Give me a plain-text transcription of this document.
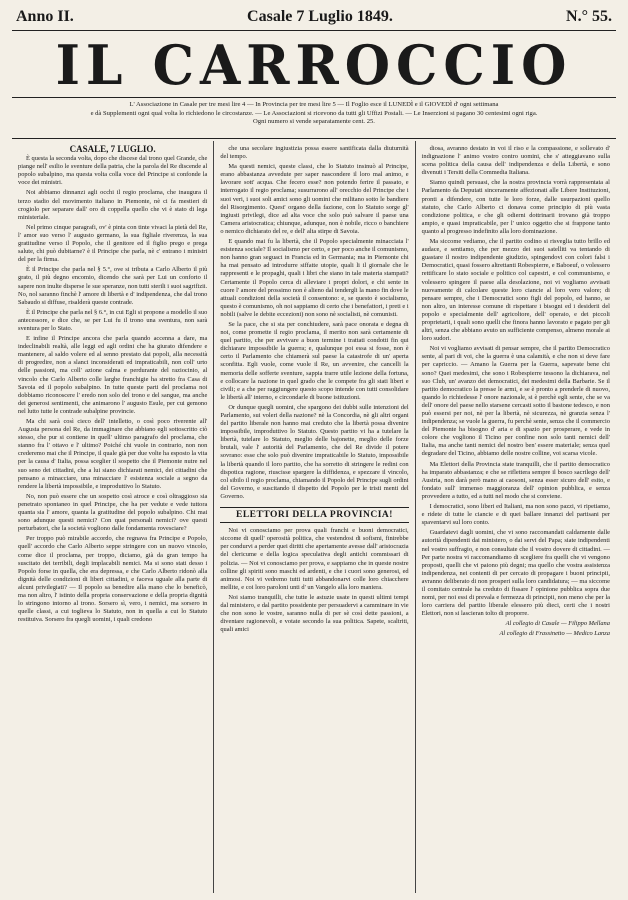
Anno II.	Casale 7 Luglio 1849.	N.° 55.
IL CARROCCIO
L' Associazione in Casale per tre mesi lire 4 — In Provincia per tre mesi lire 5 — Il Foglio esce il LUNEDÌ e il GIOVEDÌ d' ogni settimana
e dà Supplementi ogni qual volta lo richiedono le circostanze. — Le Associazioni si ricevono da tutti gli Uffizi Postali. — Le Inserzioni si pagano 30 centesimi ogni riga.
Ogni numero si vende separatamente cent. 25.

CASALE, 7 LUGLIO.

È questa la seconda volta, dopo che discese dal trono quel Grande, che piange nell' esilio le sventure della patria, che la parola del Re discende al popolo subalpino, ma questa volta colla voce del Principe si confonde la voce dei ministri.

Noi abbiamo dinnanzi agli occhi il regio proclama, che inaugura il terzo stadio del movimento italiano in Piemonte, nè ci fa mestieri di crogiolo per separare dall' oro di coppella quello che vi è stato di lega ministeriale.

Nel primo cinque paragrafi, ov' è pinta con tinte vivaci la pietà del Re, l' amor suo verso l' augusto germano, la sua figliale riverenza, la sua gratitudine verso il Popolo, che il genitore ed il figlio prego e prega salute, chi può dubitarne? è il Principe che parla, nè c' entrano i ministri del per la firma.

È il Principe che parla nel § 5.°, ove si tributa a Carlo Alberto il più grato, il più degno encomio, dicendo che sarà per Lui un conforto il sapere non inulte disperse le sue speranze, non tutti sterili i suoi sagrifizii. No, nol saranno finchè l' amore di libertà e d' indipendenza, che dal trono Sabaudo si diffuse, risalderà queste contrade.

È il Principe che parla nel § 6.°, in cui Egli si propone a modello il suo antecessore, e dice che, se per Lui fu il trono una sventura, non sarà sventura per lo Stato.

E infine il Principe ancora che parla quando accenna a dare, ma indeclinabili realtà, alle leggi ed agli ordini che ha giurato difendere e mantenere, al saldo volere ed al senno prestato dai popoli, alla necessità di progredire, non a slanci inconsiderati ed impraticabili, non coll' urto delle passioni, ma coll' azione calma e perdurante del raziocinio, al vincolo che Carlo Alberto colle larghe franchigie ha stretto fra Casa di Savoia ed il popolo subalpino. In tutte queste parti del proclama noi dobbiamo riconoscere l' eredo non solo del trono e del sangue, ma anche dei generosi sentimenti, che animarono l' augusto Esule, per cui gemono nel lutto tutte le contrade subalpine provincie.

Ma chi sarà così cieco dell' intelletto, o così poco riverente all' Augusta persona del Re, da immaginare che abbiano egli sottoscritto ciò stesso, che pur si contiene in quell' ultimo paragrafo del proclama, che stanno fra l' ottavo e l' ultimo? Poiché chi vuole in contrario, non non crederemo mai che il Principe, il quale già per due volte ha esposto la vita per la causa d' Italia, possa sceglier il sospetto che il Piemonte nutre nel suo seno dei cittadini, che a lui siano dichiarati nemici, dei cittadini che pensano a minacciare, una minacciare l' esistenza sociale a segno da rendere la libertà impossibile, e improduttivo lo Statuto.

No, non può essere che un sospetto così atroce e così oltraggioso sia penetrato spontaneo in quel Principe, che ha per vedute e vede tuttora quanta sia l' amore, quanta la gratitudine del popolo subalpino. Chi mai sono adunque questi nemici? Con quai personali nemici? ove questi perturbatori, che la società vogliono dalle fondamenta rovesciare?

Per troppo può mirabile accordo, che regnava fra Principe e Popolo, quell' accordo che Carlo Alberto seppe stringere con un nuovo vincolo, come dice il proclama, per troppo, diciamo, già da gran tempo ha suscitato dei terribili, degli implacabili nemici. Ma si sono stati desso i Popolo forse in quella, che era depressa, e che Carlo Alberto ridonò alla dignità delle condizioni di liberi cittadini, e faceva uguale alla parte di alcuni privilegiati? — Il popolo sa benedire alla mano che lo beneficò, ma non altro, l' istinto della propria conservazione e della propria dignità lo stringono intorno al trono. Sorsero sì, vero, i nemici, ma sorsero in quelle classi, a cui toglieva lo Statuto, non in quella a cui lo Statuto restituiva. Sorsero fra quegli uomini, i quali credono

che una secolare ingiustizia possa essere santificata dalla diuturnità del tempo.

Ma questi nemici, queste classi, che lo Statuto insinuò al Principe, erano abbastanza avvedute per saper nascondere il loro mal animo, e lavorare sott' acqua. Che fecero esse? non potendo ferire il passato, e interrogato il regio proclama; susurrarono all' orecchio del Principe che i suoi veri, i suoi soli amici sono gli uomini che militano sotto le bandiere del Risorgimento. Quest' organo della fazione, con lo Statuto sorge gl' ingiusti privilegi, dice ad alta voce che solo può salvare il paese una Camera aristocratica; chiunque, adunque, non è nobile, ricco o banchiere o nemico dichiarato del re, e dell' alta stirpe di Savoia.

E quando mai fu la libertà, che il Popolo specialmente minacciata l' esistenza sociale? Il socialismo per certo, e per poco anche il comunismo, non hanno gran seguaci in Francia ed in Germania; ma in Piemonte chi ha mai pensato ad introdurre siffatte utopie, quali li il giornale che le rappresenti e le propaghi, quali i libri che siano in tale materia stampati? Certamente il Popolo cerca di alleviare i propri dolori, e chi sente in cuore l' amore del prossimo non è alieno dal tendergli la mano fin dove le attuali condizioni della società il consentono: e, se questo è socialismo, questo è comunismo, oh noi sappiamo di certo che i benefattori, i preti e i nobili (salve le debite eccezioni) non sono nè socialisti, nè comunisti.

Se la pace, che si sta per conchiudere, sarà pace onorata e degna di noi, come promette il regio proclama, il merito non sarà certamente di quel partito, che per avvivare a buon termine i trattati condotti fin qui dichiarare impossibile la guerra; e, qualunque poi essa si fosse, non è certo il Parlamento che chiamerà sul paese la catastrofe di un' aperta sconfitta. Egli vuole, come vuole il Re, un avvenire, che cancelli la memoria delle sofferte sventure, sappia trarre utile lezione della fortuna, e collocare la nazione in quel grado che le compete fra gli stati liberi e civili; e a che per raggiungere questo scopo intende con tutti consolidare le libertà all' interno, e circondarle di buone istituzioni.

Or dunque quegli uomini, che spargono dei dubbi sulle intenzioni del Parlamento, sui voleri della nazione? nè la Concordia, nè gli altri organi del partito liberale non hanno mai creduto che la libertà possa divenire impossibile, improduttivo lo Statuto. Questo partito vi ha a tutelare la libertà, tutelare lo Statuto, meglio delle bajonette, meglio delle forze brutali, vale l' autorità del Parlamento, che del Re divide il potere sovrano: esse che solo può divenire impraticabile lo Statuto, impossibile la libertà quando il loro partito, che ha sorretto di stringere le redini con dispotica ragione, riuscisse spargere la diffidenza, e spezzare il vincolo, col sibilo il regio proclama, chiamando il Popolo del Principe sugli ordini del Governo, e suscitando il dispetto del Popolo per le tristi menti del Governo.

ELETTORI DELLA PROVINCIA!

Noi vi conosciamo per prova quali franchi e buoni democratici, siccome di quell' operosità politica, che vestendosi di sofismi, finirebbe per condurvi a perder quei diritti che apertamente avesse dall' aristocrazia del clericume e della logica speculativa degli antichi commissari di polizia. — Noi vi conosciamo per prova, e sappiamo che in queste nostre colline gli spiriti sono maschi ed ardenti, e che i cuori sono generosi, ed animosi. Noi vi vedremo tutti tutti abbandonarvi colle loro chiacchere mellite, e coi loro paroloni unti d' un Vangelo alla loro maniera.

Noi siamo tranquilli, che tutte le astuzie usate in questi ultimi tempi dal ministero, e dal partito possidente per persuadervi a camminare in vie che non sono le vostre, saranno nulla di per sè così dette passioni, a diventare ragionevoli, e votate secondo la sua politica. Sapete, scaltriti, quali amici

diosa, avranno destato in voi il riso e la compassione, e sollevato d' indignazione l' animo vostro contro uomini, che s' atteggiavano sulla scena politica della causa dell' indipendenza e della Libertà, e sono divenuti i Tersiti della Commedia Italiana.

Siamo quindi persuasi, che la nostra provincia vorrà rappresentata al Parlamento da Deputati sinceramente affezionati alle Libere Instituzioni, pronti a difendere, con tutte le loro forze, dalle usurpazioni quello statuto, che Carlo Alberto ci donava come principio di più vasta condizione politica, e che gli odierni dottrinarii trovano già troppo ampio, e quasi impraticabile, per l' unico oggetto che si frappone tanto quanto al progresso indefinito alla loro dominazione.

Ma siccome vediamo, che il partito codino si risveglia tutto brillo ed audace, e sentiamo, che per mezzo dei suoi satelliti va tentando di guastare il nostro indipendente giudizio, spingendovi con colori falsi i Democratici, quasi fossero altrettanti Robespierre, e Baboeuf, o volessero rettificare lo stato sociale e politico col capestri, e col communismo, e volessero spingere il paese alla desolazione, noi vi vogliamo avvisati nuovamente di calcolare queste loro ciancie al loro vero valore; di pensare sempre, che i Democratici sono figli del popolo, ed hanno, se non altro, un interesse comune di rispettare i bisogni ed i desiderii del popolo e specialmente dell' agricoltore, dell' operaio, e dei piccoli proprietarii, i quali sono quelli che finora hanno lavorato e pagato per gli altri, senza che abbiano avuto un sufficiente compenso, almeno morale ai loro sudori.

Noi vi vogliamo avvisati di pensar sempre, che il partito Democratico sente, al pari di voi, che la guerra è una calamità, e che non si deve fare per capriccio. — Amano la Guerra per la Guerra, sapevate bene chi sono? Quei medesimi, che sono i Robespierre tessono la dichiarava, nel suo Club, un' avanzo dei democratici, dei medesimi della Barbarie. Se il partito democratico la presse le armi, e se è pronto a prenderle di nuovo, quando lo richiedesse l' onore nazionale, si è perchè egli sente, che se va dell' onore del paese nello starsene cercasti sotto il bastone tedesco, e non può essersi per noi, nè per la libertà, nè sicurezza, nè granzia senza l' indipendenza; se vuole la guerra, fu perchè sente, senza che il commercio del Piemonte ha bisogno d' aria e di spazio per prosperare, e vede in colore che vogliono il Ticino per confine non solo tanti nemici dell' Italia, ma anche tanti nemici del nostro ben' essere materiale; senza quel degradare del Ticino, abbiamo delle nostre colline, voi scarsa vicole.

Ma Elettori della Provincia state tranquilli, che il partito democratico ha imparato abbastanza; e che se riflettera sempre il bosco sacrilego dell' Austria, non darà però mano ai caosoni, senza esser sicuro dell' esito, e fondato sull' immenso maggioranza dell' opinion pubblica, e senza provvedere a tutto, ed a tutti nel modo che si conviene.

I democratici, sono liberi ed Italiani, ma non sono pazzi, vi ripetiamo, e ridete di tutte le ciancie e di quei ballare innanzi del partisani per spaventarvi sul loro conto.

Guardatevi dagli uomini, che vi sono raccomandati caldamente dalle autorità dipendenti dai ministero, o dai servi del Papa; siate indipendenti nel vostro suffragio, e non consultate che il vostro dovere di cittadini. — Per parte nostra vi raccomandiamo di scegliere fra quelli che vi vengono proposti, quelli che vi paiono più degni; ma quello che vostra assistenza indipendenza, nei contenti di per cercato di propagare i buoni principii, avranno deliberato di non prosperi sulla loro candidatura; — ma siccome il comitato centrale ha creduto di fissare l' opinione pubblica sopra due nomi, per noi essi di prevala e fermezza di principii, non meno che per la loro carriera del partito liberale elessero più dieci, certi che i nostri Elettori, non si lascieran tolto di proporre.

Al collegio di Casale — Filippo Mellana

Al collegio di Frassinetto — Medico Lanza
